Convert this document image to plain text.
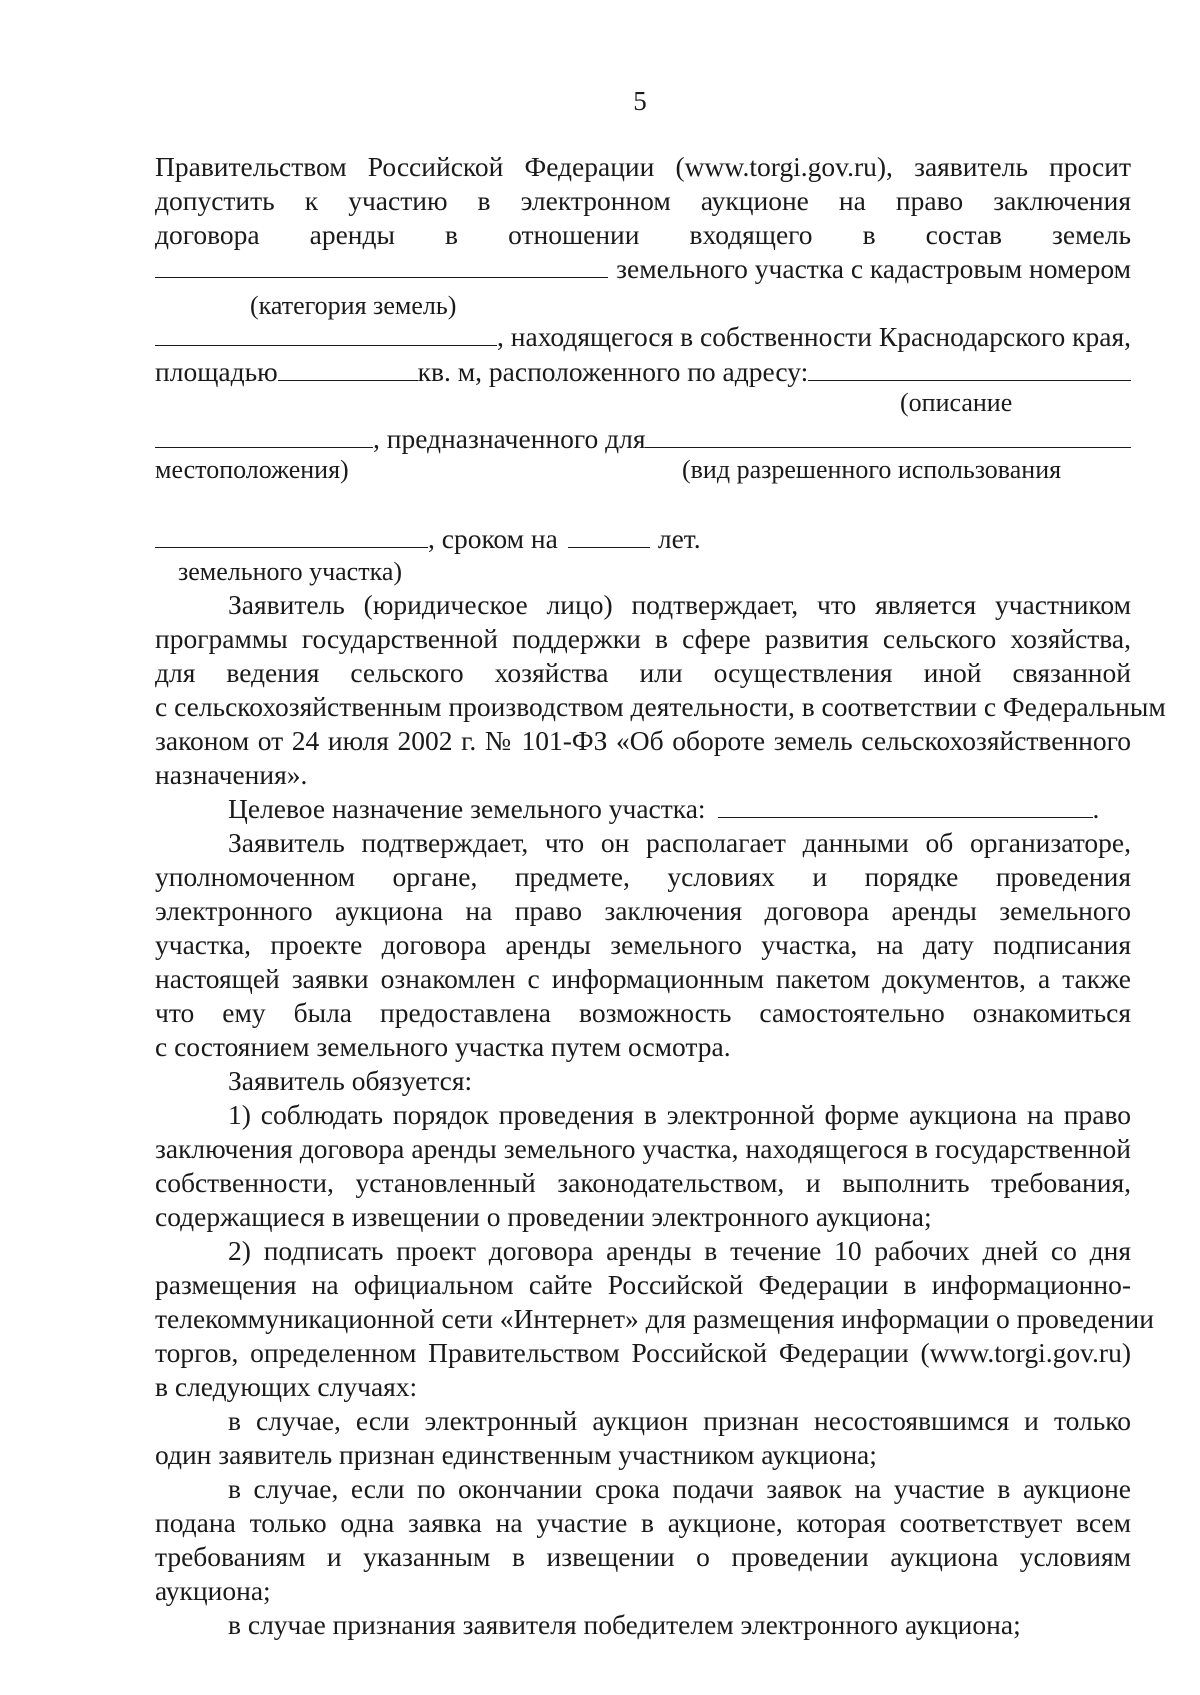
5
Правительством Российской Федерации (www.torgi.gov.ru), заявитель просит
допустить к участию в электронном аукционе на право заключения
договора аренды в отношении входящего в состав земель
земельного участка с кадастровым номером
(категория земель)
, находящегося в собственности Краснодарского края,
площадью	кв. м, расположенного по адресу:
(описание
, предназначенного для
местоположения)	(вид разрешенного использования
, сроком на	лет.
земельного участка)
Заявитель (юридическое лицо) подтверждает, что является участником
программы государственной поддержки в сфере развития сельского хозяйства,
для ведения сельского хозяйства или осуществления иной связанной
с сельскохозяйственным производством деятельности, в соответствии с Федеральным
законом от 24 июля 2002 г. № 101-ФЗ «Об обороте земель сельскохозяйственного
назначения».
Целевое назначение земельного участка:	.
Заявитель подтверждает, что он располагает данными об организаторе,
уполномоченном органе, предмете, условиях и порядке проведения
электронного аукциона на право заключения договора аренды земельного
участка, проекте договора аренды земельного участка, на дату подписания
настоящей заявки ознакомлен с информационным пакетом документов, а также
что ему была предоставлена возможность самостоятельно ознакомиться
с состоянием земельного участка путем осмотра.
Заявитель обязуется:
1) соблюдать порядок проведения в электронной форме аукциона на право
заключения договора аренды земельного участка, находящегося в государственной
собственности, установленный законодательством, и выполнить требования,
содержащиеся в извещении о проведении электронного аукциона;
2) подписать проект договора аренды в течение 10 рабочих дней со дня
размещения на официальном сайте Российской Федерации в информационно-
телекоммуникационной сети «Интернет» для размещения информации о проведении
торгов, определенном Правительством Российской Федерации (www.torgi.gov.ru)
в следующих случаях:
в случае, если электронный аукцион признан несостоявшимся и только
один заявитель признан единственным участником аукциона;
в случае, если по окончании срока подачи заявок на участие в аукционе
подана только одна заявка на участие в аукционе, которая соответствует всем
требованиям и указанным в извещении о проведении аукциона условиям
аукциона;
в случае признания заявителя победителем электронного аукциона;
